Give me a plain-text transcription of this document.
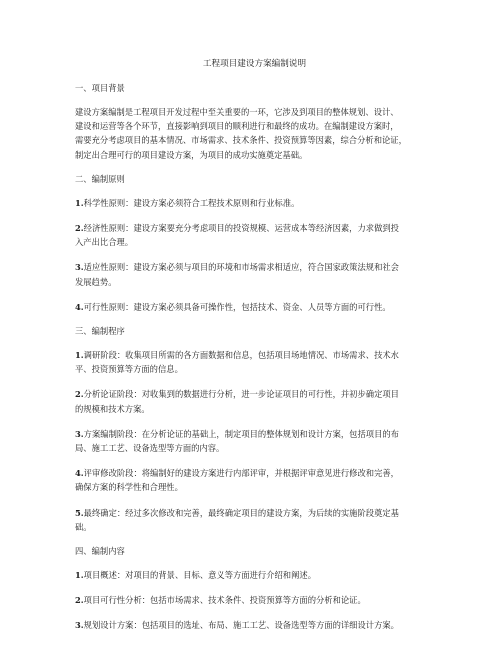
工程项目建设方案编制说明
一、项目背景
建设方案编制是工程项目开发过程中至关重要的一环，它涉及到项目的整体规划、设计、
建设和运营等各个环节，直接影响到项目的顺利进行和最终的成功。在编制建设方案时，
需要充分考虑项目的基本情况、市场需求、技术条件、投资预算等因素，综合分析和论证，
制定出合理可行的项目建设方案，为项目的成功实施奠定基础。
二、编制原则
1.科学性原则：建设方案必须符合工程技术原则和行业标准。
2.经济性原则：建设方案要充分考虑项目的投资规模、运营成本等经济因素，力求做到投
入产出比合理。
3.适应性原则：建设方案必须与项目的环境和市场需求相适应，符合国家政策法规和社会
发展趋势。
4.可行性原则：建设方案必须具备可操作性，包括技术、资金、人员等方面的可行性。
三、编制程序
1.调研阶段：收集项目所需的各方面数据和信息，包括项目场地情况、市场需求、技术水
平、投资预算等方面的信息。
2.分析论证阶段：对收集到的数据进行分析，进一步论证项目的可行性，并初步确定项目
的规模和技术方案。
3.方案编制阶段：在分析论证的基础上，制定项目的整体规划和设计方案，包括项目的布
局、施工工艺、设备选型等方面的内容。
4.评审修改阶段：将编制好的建设方案进行内部评审，并根据评审意见进行修改和完善，
确保方案的科学性和合理性。
5.最终确定：经过多次修改和完善，最终确定项目的建设方案，为后续的实施阶段奠定基
础。
四、编制内容
1.项目概述：对项目的背景、目标、意义等方面进行介绍和阐述。
2.项目可行性分析：包括市场需求、技术条件、投资预算等方面的分析和论证。
3.规划设计方案：包括项目的选址、布局、施工工艺、设备选型等方面的详细设计方案。
